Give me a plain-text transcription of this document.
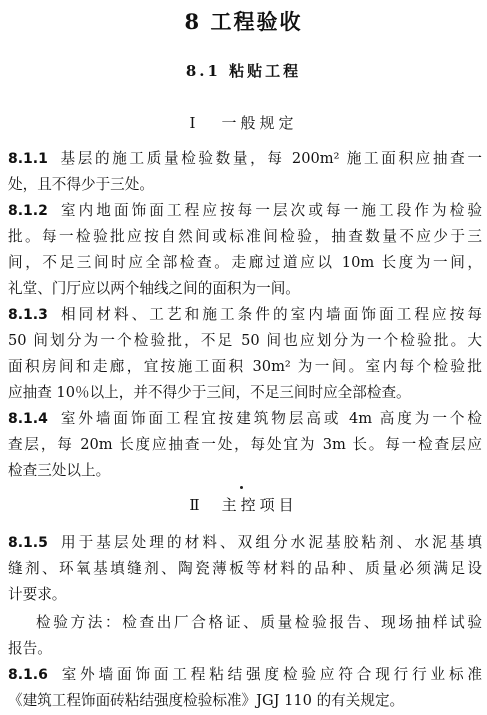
8 工程验收
8.1 粘贴工程
Ⅰ 一般规定
8.1.1 基层的施工质量检验数量，每 200m² 施工面积应抽查一
处，且不得少于三处。
8.1.2 室内地面饰面工程应按每一层次或每一施工段作为检验
批。每一检验批应按自然间或标准间检验，抽查数量不应少于三
间，不足三间时应全部检查。走廊过道应以 10m 长度为一间，
礼堂、门厅应以两个轴线之间的面积为一间。
8.1.3 相同材料、工艺和施工条件的室内墙面饰面工程应按每
50 间划分为一个检验批，不足 50 间也应划分为一个检验批。大
面积房间和走廊，宜按施工面积 30m² 为一间。室内每个检验批
应抽查 10％以上，并不得少于三间，不足三间时应全部检查。
8.1.4 室外墙面饰面工程宜按建筑物层高或 4m 高度为一个检
查层，每 20m 长度应抽查一处，每处宜为 3m 长。每一检查层应
检查三处以上。
Ⅱ 主控项目
8.1.5 用于基层处理的材料、双组分水泥基胶粘剂、水泥基填
缝剂、环氧基填缝剂、陶瓷薄板等材料的品种、质量必须满足设
计要求。
检验方法：检查出厂合格证、质量检验报告、现场抽样试验
报告。
8.1.6 室外墙面饰面工程粘结强度检验应符合现行行业标准
《建筑工程饰面砖粘结强度检验标准》JGJ 110 的有关规定。
